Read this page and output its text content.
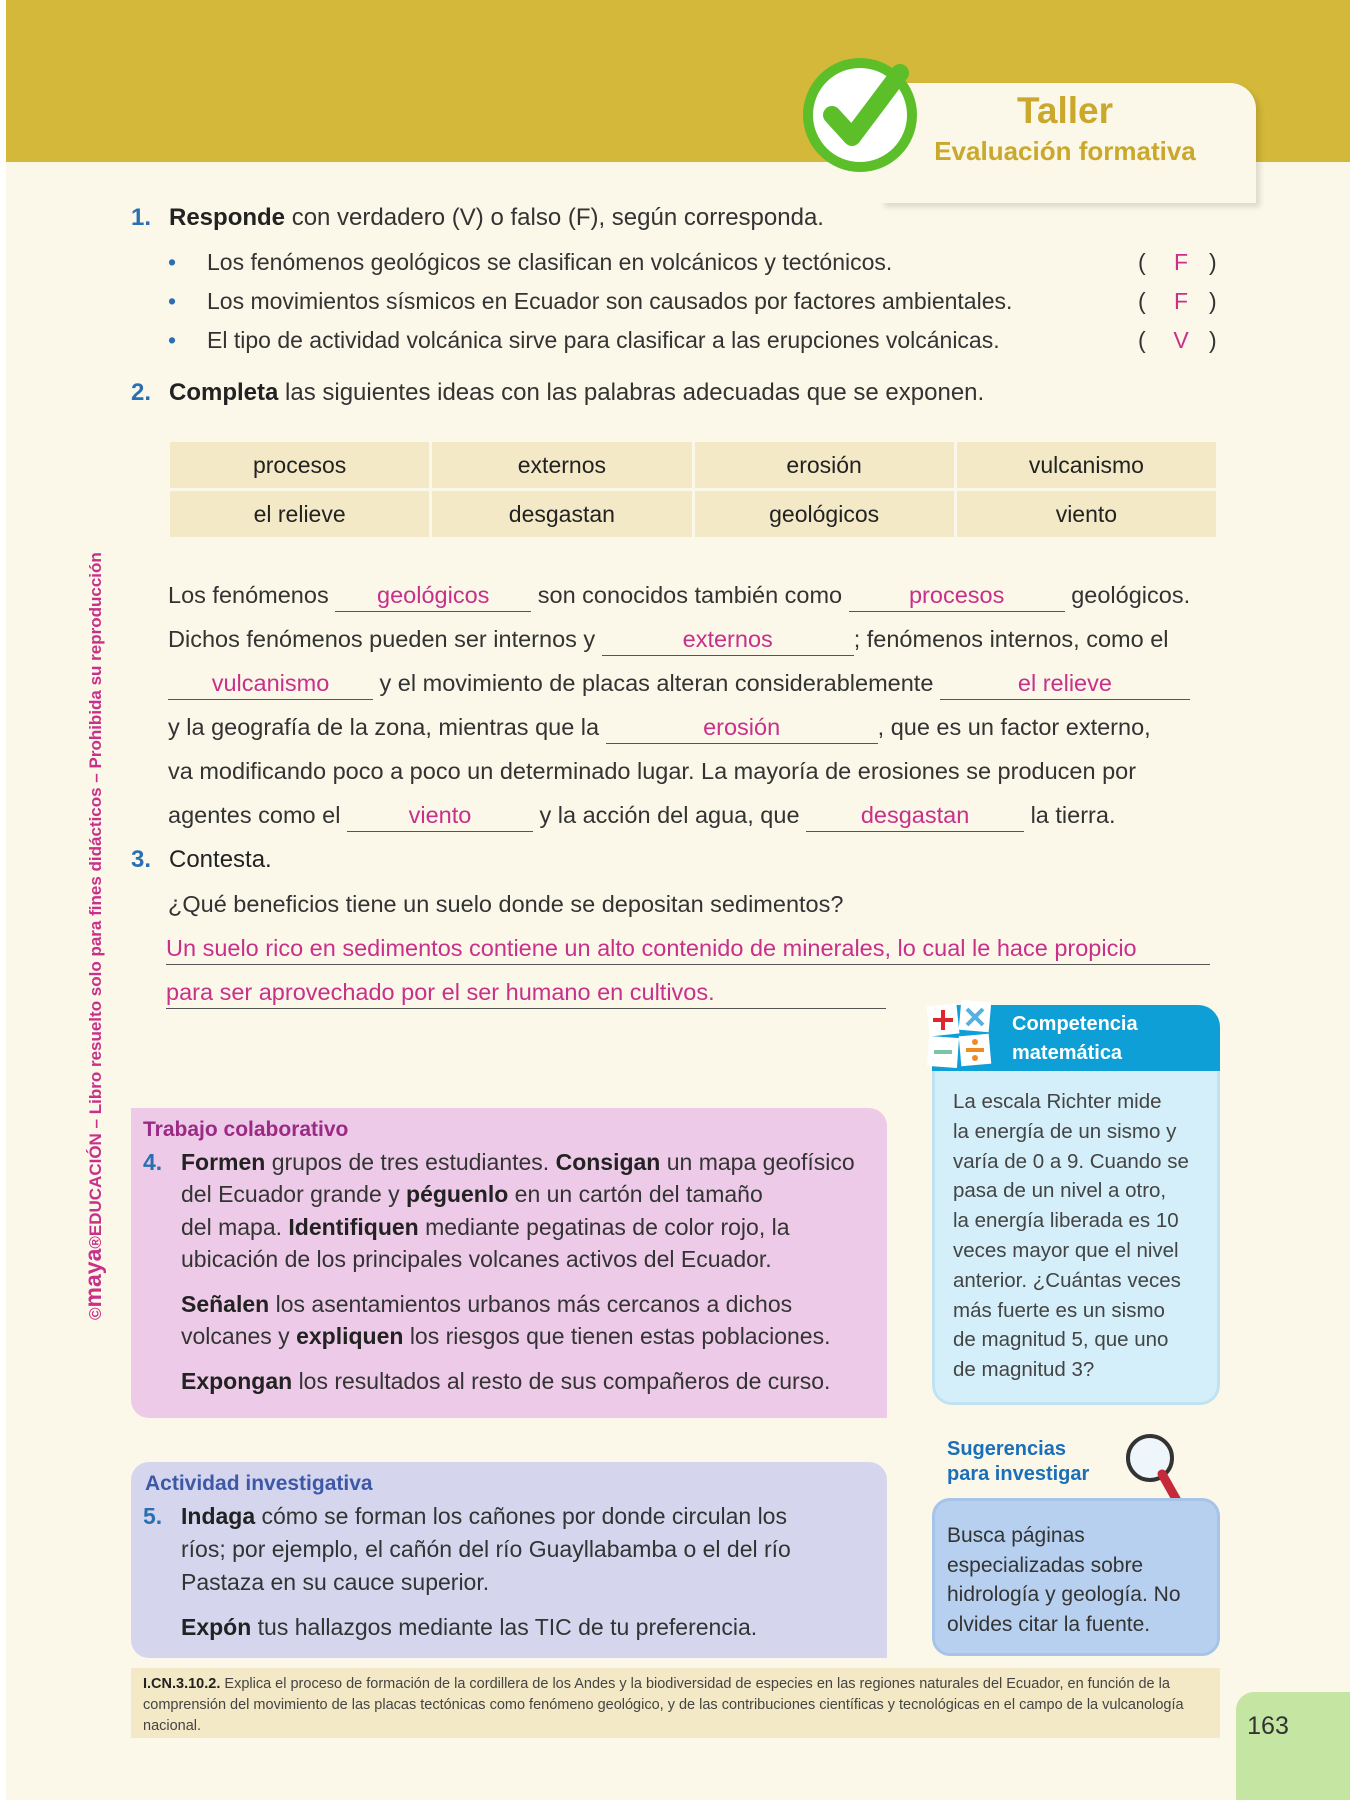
Taller
Evaluación formativa
©maya®EDUCACIÓN – Libro resuelto solo para fines didácticos – Prohibida su reproducción
1. Responde con verdadero (V) o falso (F), según corresponda.
• Los fenómenos geológicos se clasifican en volcánicos y tectónicos.	(	F )
• Los movimientos sísmicos en Ecuador son causados por factores ambientales.	(	F )
• El tipo de actividad volcánica sirve para clasificar a las erupciones volcánicas.	(	V )
2. Completa las siguientes ideas con las palabras adecuadas que se exponen.
procesos	externos	erosión	vulcanismo
el relieve	desgastan	geológicos	viento
Los fenómenos geológicos son conocidos también como	procesos	geológicos.
Dichos fenómenos pueden ser internos y	externos	; fenómenos internos, como el
vulcanismo y el movimiento de placas alteran considerablemente	el relieve
y la geografía de la zona, mientras que la	erosión	, que es un factor externo,
va modificando poco a poco un determinado lugar. La mayoría de erosiones se producen por
agentes como el	viento	y la acción del agua, que	desgastan	la tierra.
3. Contesta.
¿Qué beneficios tiene un suelo donde se depositan sedimentos?
Un suelo rico en sedimentos contiene un alto contenido de minerales, lo cual le hace propicio
para ser aprovechado por el ser humano en cultivos.
Trabajo colaborativo
4. Formen grupos de tres estudiantes. Consigan un mapa geofísico
del Ecuador grande y péguenlo en un cartón del tamaño
del mapa. Identifiquen mediante pegatinas de color rojo, la
ubicación de los principales volcanes activos del Ecuador.
Señalen los asentamientos urbanos más cercanos a dichos
volcanes y expliquen los riesgos que tienen estas poblaciones.
Expongan los resultados al resto de sus compañeros de curso.
Actividad investigativa
5. Indaga cómo se forman los cañones por donde circulan los
ríos; por ejemplo, el cañón del río Guayllabamba o el del río
Pastaza en su cauce superior.
Expón tus hallazgos mediante las TIC de tu preferencia.
Competencia
matemática
La escala Richter mide
la energía de un sismo y
varía de 0 a 9. Cuando se
pasa de un nivel a otro,
la energía liberada es 10
veces mayor que el nivel
anterior. ¿Cuántas veces
más fuerte es un sismo
de magnitud 5, que uno
de magnitud 3?
Sugerencias
para investigar
Busca páginas
especializadas sobre
hidrología y geología. No
olvides citar la fuente.

I.CN.3.10.2. Explica el proceso de formación de la cordillera de los Andes y la biodiversidad de especies en las regiones naturales del Ecuador, en función de la comprensión del movimiento de las placas tectónicas como fenómeno geológico, y de las contribuciones científicas y tecnológicas en el campo de la vulcanología nacional.	163
